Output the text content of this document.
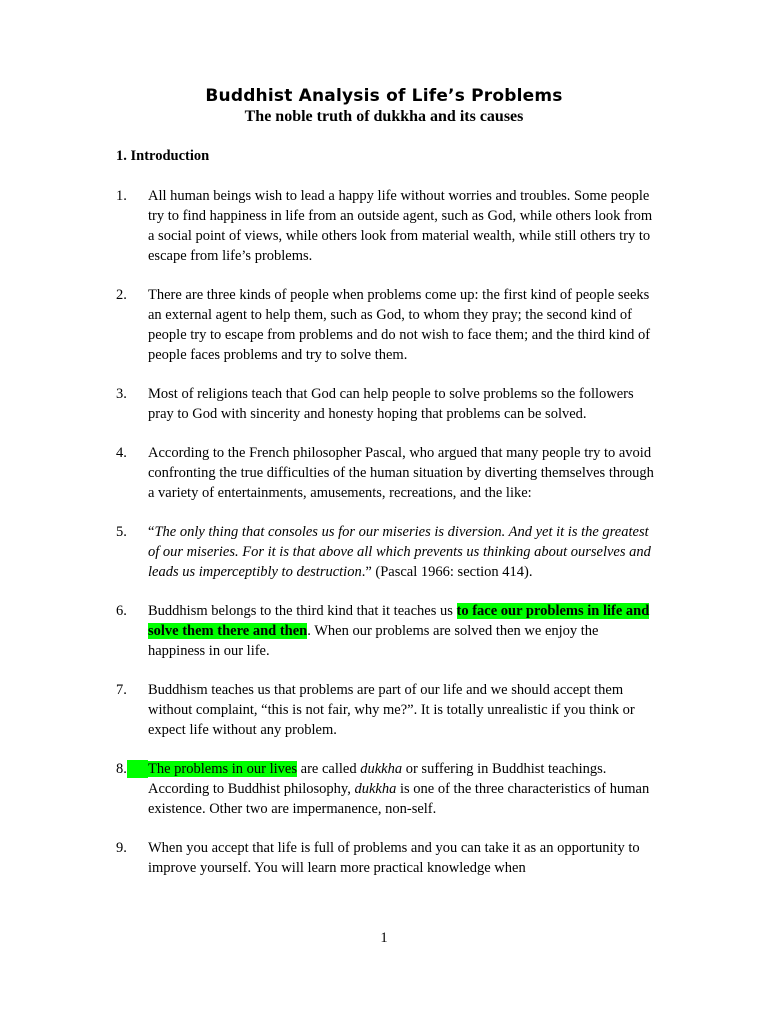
Buddhist Analysis of Life’s Problems
The noble truth of dukkha and its causes
1. Introduction
1. All human beings wish to lead a happy life without worries and troubles. Some people try to find happiness in life from an outside agent, such as God, while others look from a social point of views, while others look from material wealth, while still others try to escape from life’s problems.
2. There are three kinds of people when problems come up: the first kind of people seeks an external agent to help them, such as God, to whom they pray; the second kind of people try to escape from problems and do not wish to face them; and the third kind of people faces problems and try to solve them.
3. Most of religions teach that God can help people to solve problems so the followers pray to God with sincerity and honesty hoping that problems can be solved.
4. According to the French philosopher Pascal, who argued that many people try to avoid confronting the true difficulties of the human situation by diverting themselves through a variety of entertainments, amusements, recreations, and the like:
5. “The only thing that consoles us for our miseries is diversion. And yet it is the greatest of our miseries. For it is that above all which prevents us thinking about ourselves and leads us imperceptibly to destruction.” (Pascal 1966: section 414).
6. Buddhism belongs to the third kind that it teaches us to face our problems in life and solve them there and then. When our problems are solved then we enjoy the happiness in our life.
7. Buddhism teaches us that problems are part of our life and we should accept them without complaint, “this is not fair, why me?”. It is totally unrealistic if you think or expect life without any problem.
8. The problems in our lives are called dukkha or suffering in Buddhist teachings. According to Buddhist philosophy, dukkha is one of the three characteristics of human existence. Other two are impermanence, non-self.
9. When you accept that life is full of problems and you can take it as an opportunity to improve yourself. You will learn more practical knowledge when
1
